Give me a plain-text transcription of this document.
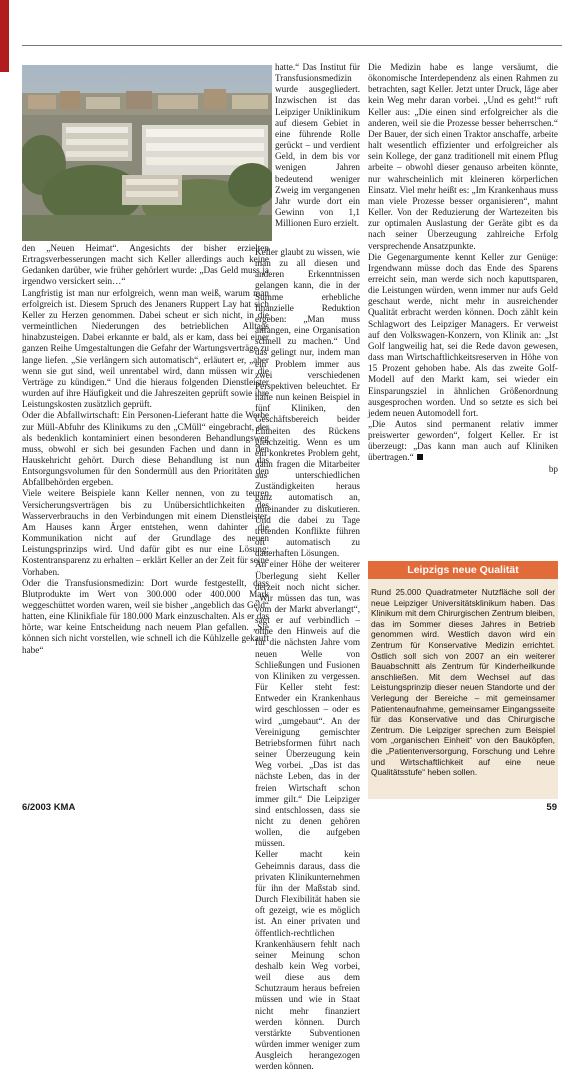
den „Neuen Heimat“. Angesichts der bisher erzielten Ertragsverbesserungen macht sich Keller allerdings auch keine Gedanken darüber, wie früher gehörlert wurde: „Das Geld muss ja irgendwo versickert sein…“

Langfristig ist man nur erfolgreich, wenn man weiß, warum man erfolgreich ist. Diesem Spruch des Jenaners Ruppert Lay hat sich Keller zu Herzen genommen. Dabei scheut er sich nicht, in die vermeintlichen Niederungen des betrieblichen Alltags hinabzusteigen. Dabei erkannte er bald, als er kam, dass bei einer ganzen Reihe Umgestaltungen die Gefahr der Wartungsverträge zu lange liefen. „Sie verlängern sich automatisch“, erläutert er, „aber wenn sie gut sind, weil unrentabel wird, dann müssen wir die Verträge zu kündigen.“ Und die hieraus folgenden Dienstleister wurden auf ihre Häufigkeit und die Jahreszeiten geprüft sowie ihre Leistungskosten zusätzlich geprüft.

Oder die Abfallwirtschaft: Ein Personen-Lieferant hatte die Werbe zur Müll-Abfuhr des Klinikums zu den „CMüll“ eingebracht, der als bedenklich kontaminiert einen besonderen Behandlungsweg muss, obwohl er sich bei gesunden Fachen und dann in den Hauskehricht gehört. Durch diese Behandlung ist nun das Entsorgungsvolumen für den Sondermüll aus den Prioritäten den Abfallbehörden ergeben.

Viele weitere Beispiele kann Keller nennen, von zu teuren Versicherungsverträgen bis zu Unübersichtlichkeiten des Wasserverbrauchs in den Verbindungen mit einem Dienstleister. Am Hauses kann Ärger entstehen, wenn dahinter die Kommunikation nicht auf der Grundlage des neuen Leistungsprinzips wird. Und dafür gibt es nur eine Lösung: Kostentransparenz zu erhalten – erklärt Keller an der Zeit für seine Vorhaben.

Oder die Transfusionsmedizin: Dort wurde festgestellt, dass Blutprodukte im Wert von 300.000 oder 400.000 Mark weggeschüttet worden waren, weil sie bisher „angeblich das Geld“ hatten, eine Klinikfiale für 180.000 Mark einzuschalten. Als er das hörte, war keine Entscheidung nach neuem Plan gefallen. „Sie können sich nicht vorstellen, wie schnell ich die Kühlzelle gekauft habe“

hatte.“ Das Institut für Transfusionsmedizin wurde ausgegliedert. Inzwischen ist das Leipziger Uniklinikum auf diesem Gebiet in eine führende Rolle gerückt – und verdient Geld, in dem bis vor wenigen Jahren bedeutend weniger Zweig im vergangenen Jahr wurde dort ein Gewinn von 1,1 Millionen Euro erzielt.

Keller glaubt zu wissen, wie man zu all diesen und anderen Erkenntnissen gelangen kann, die in der Summe erhebliche finanzielle Reduktion ergeben: „Man muss anfangen, eine Organisation schnell zu machen.“ Und das gelingt nur, indem man ein Problem immer aus zwei verschiedenen Perspektiven beleuchtet. Er halte nun keinen Beispiel in fünf Kliniken, den Geschäftsbereich beider Einheiten des Rückens gleichzeitig. Wenn es um ein konkretes Problem geht, dann fragen die Mitarbeiter aus unterschiedlichen Zuständigkeiten heraus ganz automatisch an, miteinander zu diskutieren. Und die dabei zu Tage tretenden Konflikte führen oft automatisch zu dauerhaften Lösungen.

An einer Höhe der weiterer Überlegung sieht Keller derzeit noch nicht sicher. „Wir müssen das tun, was vom der Markt abverlangt“, sagt er auf verbindlich – ohne den Hinweis auf die für die nächsten Jahre vom neuen Welle von Schließungen und Fusionen von Kliniken zu vergessen. Für Keller steht fest: Entweder ein Krankenhaus wird geschlossen – oder es wird „umgebaut“. An der Vereinigung gemischter Betriebsformen führt nach seiner Überzeugung kein Weg vorbei. „Das ist das nächste Leben, das in der freien Wirtschaft schon immer gilt.“ Die Leipziger sind entschlossen, dass sie nicht zu denen gehören wollen, die aufgeben müssen.

Keller macht kein Geheimnis daraus, dass die privaten Klinikunternehmen für ihn der Maßstab sind. Durch Flexibilität haben sie oft gezeigt, wie es möglich ist. An einer privaten und öffentlich-rechtlichen Krankenhäusern fehlt nach seiner Meinung schon deshalb kein Weg vorbei, weil diese aus dem Schutzraum heraus befreien müssen und wie in Staat nicht mehr finanziert werden können. Durch verstärkte Subventionen würden immer weniger zum Ausgleich herangezogen werden können.

Die Medizin habe es lange versäumt, die ökonomische Interdependenz als einen Rahmen zu betrachten, sagt Keller. Jetzt unter Druck, läge aber kein Weg mehr daran vorbei. „Und es geht!“ ruft Keller aus: „Die einen sind erfolgreicher als die anderen, weil sie die Prozesse besser beherrschen.“ Der Bauer, der sich einen Traktor anschaffe, arbeite halt wesentlich effizienter und erfolgreicher als sein Kollege, der ganz traditionell mit einem Pflug arbeite – obwohl dieser genauso arbeiten könnte, nur wahrscheinlich mit kleineren körperlichen Einsatz. Viel mehr heißt es: „Im Krankenhaus muss man viele Prozesse besser organisieren“, mahnt Keller. Von der Reduzierung der Wartezeiten bis zur optimalen Auslastung der Geräte gibt es da nach seiner Überzeugung zahlreiche Erfolg versprechende Ansatzpunkte.

Die Gegenargumente kennt Keller zur Genüge: Irgendwann müsse doch das Ende des Sparens erreicht sein, man werde sich noch kaputtsparen, die Leistungen würden, wenn immer nur aufs Geld geschaut werde, nicht mehr in ausreichender Qualität erbracht werden können. Doch zählt kein Schlagwort des Leipziger Managers. Er verweist auf den Volkswagen-Konzern, von Klinik an: „Ist Golf langweilig hat, sei die Rede davon gewesen, dass man Wirtschaftlichkeitsreserven in Höhe von 15 Prozent gehoben habe. Als das zweite Golf-Modell auf den Markt kam, sei wieder ein Einsparungsziel in ähnlichen Größenordnung ausgesprochen worden. Und so setzte es sich bei jedem neuen Automodell fort.

„Die Autos sind permanent relativ immer preiswerter geworden“, folgert Keller. Er ist überzeugt: „Das kann man auch auf Kliniken übertragen.“

bp

Leipzigs neue Qualität

Rund 25.000 Quadratmeter Nutzfläche soll der neue Leipziger Universitätsklinikum haben. Das Klinikum mit dem Chirurgischen Zentrum bleiben, das im Sommer dieses Jahres in Betrieb genommen wird. Westlich davon wird ein Zentrum für Konservative Medizin errichtet. Östlich soll sich von 2007 an ein weiterer Bauabschnitt als Zentrum für Kinderheilkunde anschließen. Mit dem Wechsel auf das Leistungsprinzip dieser neuen Standorte und der Verlegung der Bereiche – mit gemeinsamer Patientenaufnahme, gemeinsamer Eingangsseite für das Konservative und das Chirurgische Zentrum. Die Leipziger sprechen zum Beispiel vom „organischen Einheit“ von den Bauköpfen, die „Patientenversorgung, Forschung und Lehre und Wirtschaftlichkeit auf eine neue Qualitätsstufe“ heben sollen.

6/2003 KMA	59
